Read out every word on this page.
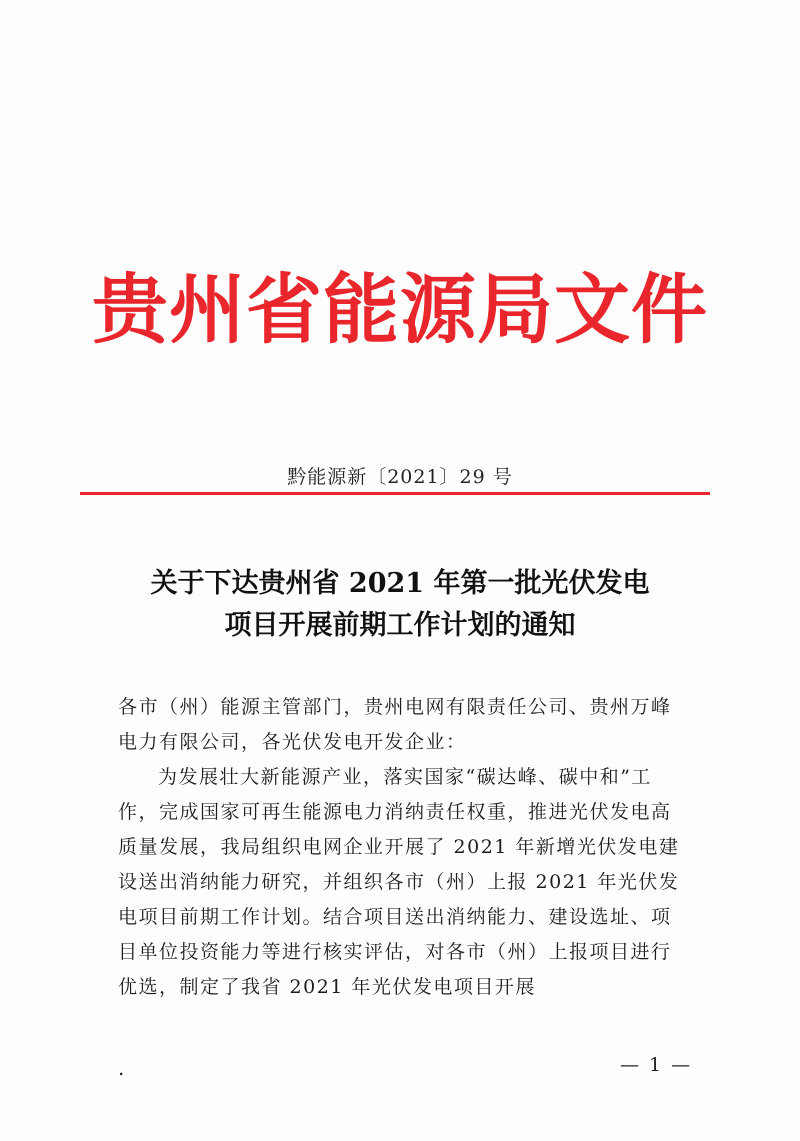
贵州省能源局文件
黔能源新〔2021〕29 号
关于下达贵州省 2021 年第一批光伏发电
项目开展前期工作计划的通知

各市（州）能源主管部门，贵州电网有限责任公司、贵州万峰电力有限公司，各光伏发电开发企业：

为发展壮大新能源产业，落实国家“碳达峰、碳中和”工作，完成国家可再生能源电力消纳责任权重，推进光伏发电高质量发展，我局组织电网企业开展了 2021 年新增光伏发电建设送出消纳能力研究，并组织各市（州）上报 2021 年光伏发电项目前期工作计划。结合项目送出消纳能力、建设选址、项目单位投资能力等进行核实评估，对各市（州）上报项目进行优选，制定了我省 2021 年光伏发电项目开展

.	— 1 —
